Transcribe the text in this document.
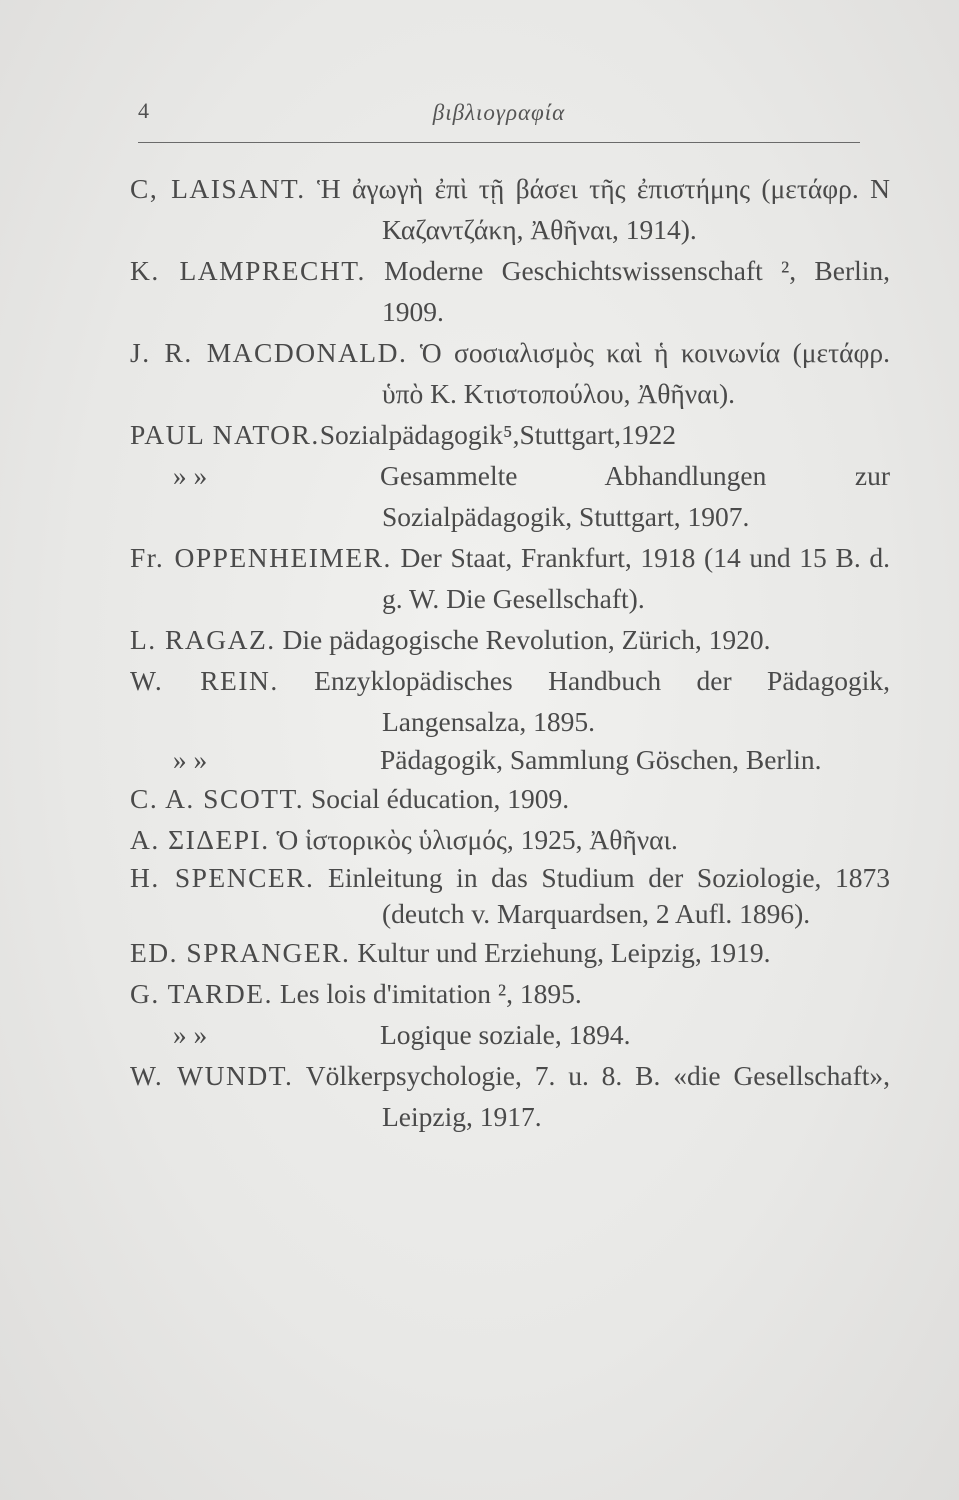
4	βιβλιογραφία
C, LAISANT. Ἡ ἀγωγὴ ἐπὶ τῇ βάσει τῆς ἐπιστήμης (μετάφρ. Ν Καζαντζάκη, Ἀθῆναι, 1914).
K. LAMPRECHT. Moderne Geschichtswissenschaft ², Berlin, 1909.
J. R. MACDONALD. Ὁ σοσιαλισμὸς καὶ ἡ κοινωνία (μετάφρ. ὑπὸ Κ. Κτιστοπούλου, Ἀθῆναι).
PAUL NATOR.Sozialpädagogik⁵,Stuttgart,1922
» »	Gesammelte Abhandlungen zur Sozialpädagogik, Stuttgart, 1907.
Fr. OPPENHEIMER. Der Staat, Frankfurt, 1918 (14 und 15 B. d. g. W. Die Gesellschaft).
L. RAGAZ. Die pädagogische Revolution, Zürich, 1920.
W. REIN. Enzyklopädisches Handbuch der Pädagogik, Langensalza, 1895.
» »	Pädagogik, Sammlung Göschen, Berlin.
C. A. SCOTT. Social éducation, 1909.
A. ΣΙΔΕΡΙ. Ὁ ἱστορικὸς ὑλισμός, 1925, Ἀθῆναι.
H. SPENCER. Einleitung in das Studium der Soziologie, 1873 (deutch v. Marquardsen, 2 Aufl. 1896).
ED. SPRANGER. Kultur und Erziehung, Leipzig, 1919.
G. TARDE. Les lois d'imitation ², 1895.
» »	Logique soziale, 1894.
W. WUNDT. Völkerpsychologie, 7. u. 8. B. «die Gesellschaft», Leipzig, 1917.
